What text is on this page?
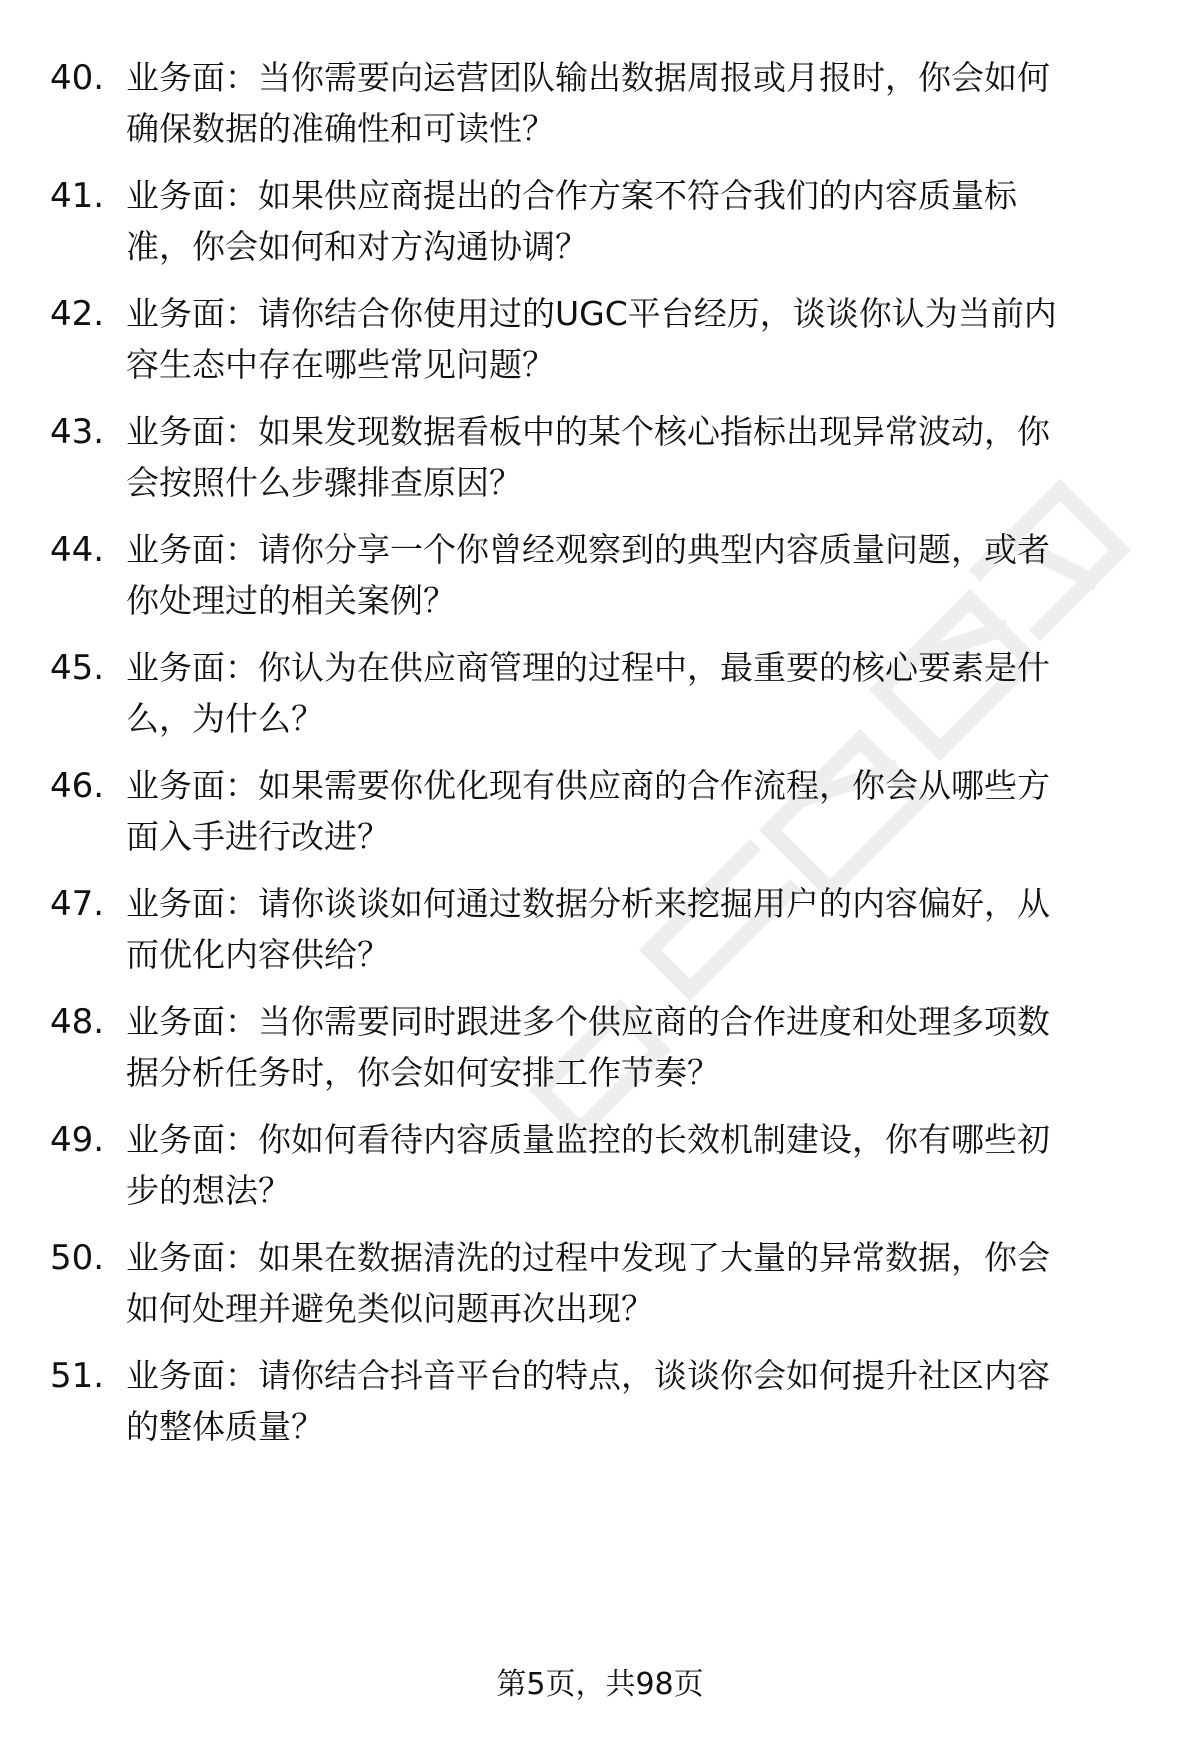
40. 业务面：当你需要向运营团队输出数据周报或月报时，你会如何
确保数据的准确性和可读性？
41. 业务面：如果供应商提出的合作方案不符合我们的内容质量标
准，你会如何和对方沟通协调？
42. 业务面：请你结合你使用过的UGC平台经历，谈谈你认为当前内
容生态中存在哪些常见问题？
43. 业务面：如果发现数据看板中的某个核心指标出现异常波动，你
会按照什么步骤排查原因？
44. 业务面：请你分享一个你曾经观察到的典型内容质量问题，或者
你处理过的相关案例？
45. 业务面：你认为在供应商管理的过程中，最重要的核心要素是什
么，为什么？
46. 业务面：如果需要你优化现有供应商的合作流程，你会从哪些方
面入手进行改进？
47. 业务面：请你谈谈如何通过数据分析来挖掘用户的内容偏好，从
而优化内容供给？
48. 业务面：当你需要同时跟进多个供应商的合作进度和处理多项数
据分析任务时，你会如何安排工作节奏？
49. 业务面：你如何看待内容质量监控的长效机制建设，你有哪些初
步的想法？
50. 业务面：如果在数据清洗的过程中发现了大量的异常数据，你会
如何处理并避免类似问题再次出现？
51. 业务面：请你结合抖音平台的特点，谈谈你会如何提升社区内容
的整体质量？
第5页，共98页
